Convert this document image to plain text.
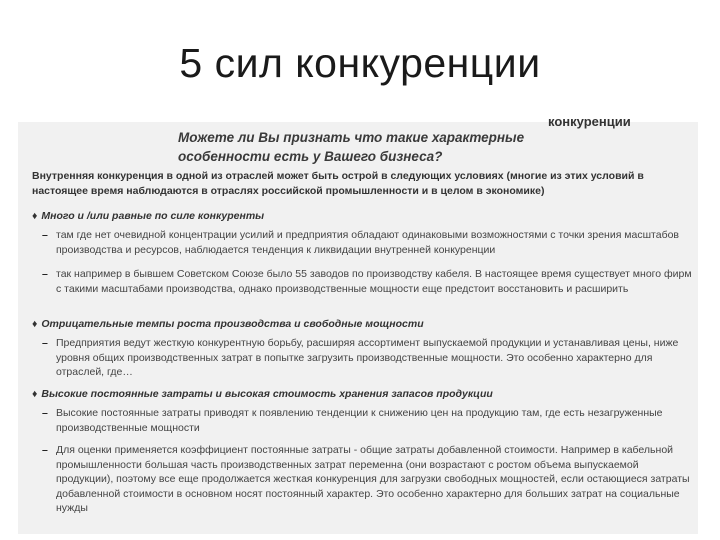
5 сил конкуренции
конкуренции
Можете ли Вы признать что такие характерные
особенности есть у Вашего бизнеса?
Внутренняя конкуренция в одной из отраслей может быть острой в следующих условиях (многие из этих условий в настоящее время наблюдаются в отраслях российской промышленности и в целом в экономике)
♦ Много и /или равные по силе конкуренты
– там где нет очевидной концентрации усилий и предприятия обладают одинаковыми возможностями с точки зрения масштабов производства и ресурсов, наблюдается тенденция к ликвидации внутренней конкуренции
– так например в бывшем Советском Союзе было 55 заводов по производству кабеля. В настоящее время существует много фирм с такими масштабами производства, однако производственные мощности еще предстоит восстановить и расширить
♦ Отрицательные темпы роста производства и свободные мощности
– Предприятия ведут жесткую конкурентную борьбу, расширяя ассортимент выпускаемой продукции и устанавливая цены, ниже уровня общих производственных затрат в попытке загрузить производственные мощности. Это особенно характерно для отраслей, где…
♦ Высокие постоянные затраты и высокая стоимость хранения запасов продукции
– Высокие постоянные затраты приводят к появлению тенденции к снижению цен на продукцию там, где есть незагруженные производственные мощности
– Для оценки применяется коэффициент постоянные затраты - общие затраты добавленной стоимости. Например в кабельной промышленности большая часть производственных затрат переменна (они возрастают с ростом объема выпускаемой продукции), поэтому все еще продолжается жесткая конкуренция для загрузки свободных мощностей, если остающиеся затраты добавленной стоимости в основном носят постоянный характер. Это особенно характерно для больших затрат на социальные нужды
